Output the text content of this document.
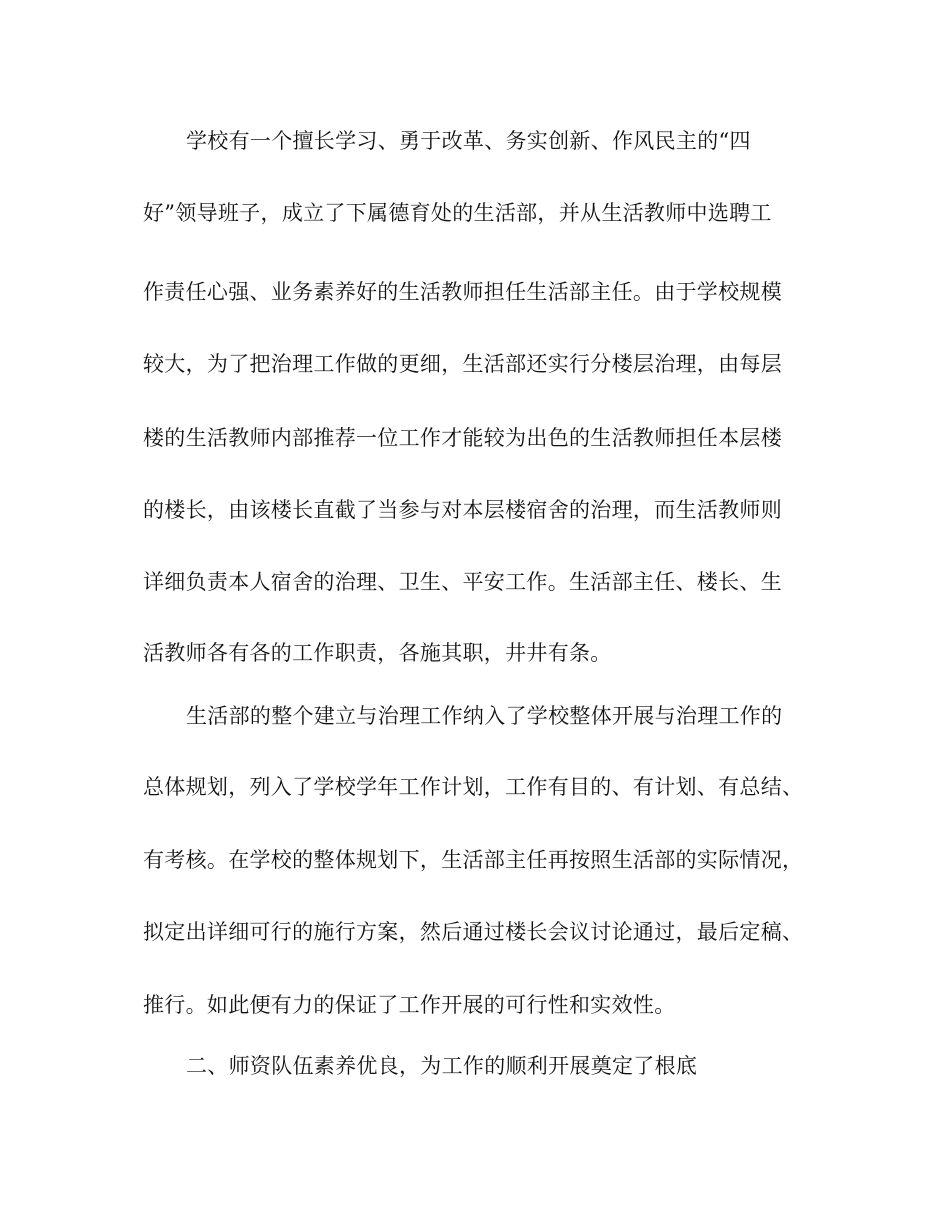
学校有一个擅长学习、勇于改革、务实创新、作风民主的“四
好”领导班子，成立了下属德育处的生活部，并从生活教师中选聘工
作责任心强、业务素养好的生活教师担任生活部主任。由于学校规模
较大，为了把治理工作做的更细，生活部还实行分楼层治理，由每层
楼的生活教师内部推荐一位工作才能较为出色的生活教师担任本层楼
的楼长，由该楼长直截了当参与对本层楼宿舍的治理，而生活教师则
详细负责本人宿舍的治理、卫生、平安工作。生活部主任、楼长、生
活教师各有各的工作职责，各施其职，井井有条。
生活部的整个建立与治理工作纳入了学校整体开展与治理工作的
总体规划，列入了学校学年工作计划，工作有目的、有计划、有总结、
有考核。在学校的整体规划下，生活部主任再按照生活部的实际情况，
拟定出详细可行的施行方案，然后通过楼长会议讨论通过，最后定稿、
推行。如此便有力的保证了工作开展的可行性和实效性。
二、师资队伍素养优良，为工作的顺利开展奠定了根底
